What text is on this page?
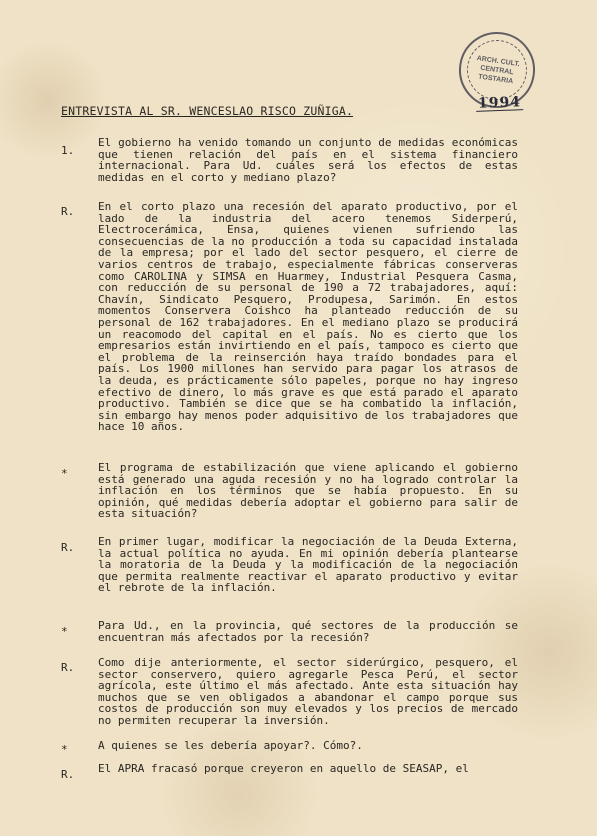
ARCH. CULT.
CENTRAL
TOSTARIA
1994
ENTREVISTA AL SR. WENCESLAO RISCO ZUÑIGA.
1.
El gobierno ha venido tomando un conjunto de medidas económicas que tienen relación del país en el sistema financiero internacional. Para Ud. cuáles será los efectos de estas medidas en el corto y mediano plazo?
R.	En el corto plazo una recesión del aparato productivo, por el lado de la industria del acero tenemos Siderperú, Electrocerámica, Ensa, quienes vienen sufriendo las consecuencias de la no producción a toda su capacidad instalada de la empresa; por el lado del sector pesquero, el cierre de varios centros de trabajo, especialmente fábricas conserveras como CAROLINA y SIMSA en Huarmey, Industrial Pesquera Casma, con reducción de su personal de 190 a 72 trabajadores, aquí: Chavín, Sindicato Pesquero, Produpesa, Sarimón. En estos momentos Conservera Coishco ha planteado reducción de su personal de 162 trabajadores. En el mediano plazo se producirá un reacomodo del capital en el país. No es cierto que los empresarios están invirtiendo en el país, tampoco es cierto que el problema de la reinserción haya traído bondades para el país. Los 1900 millones han servido para pagar los atrasos de la deuda, es prácticamente sólo papeles, porque no hay ingreso efectivo de dinero, lo más grave es que está parado el aparato productivo. También se dice que se ha combatido la inflación, sin embargo hay menos poder adquisitivo de los trabajadores que hace 10 años.
*	El programa de estabilización que viene aplicando el gobierno está generado una aguda recesión y no ha logrado controlar la inflación en los términos que se había propuesto. En su opinión, qué medidas debería adoptar el gobierno para salir de esta situación?
R.	En primer lugar, modificar la negociación de la Deuda Externa, la actual política no ayuda. En mi opinión debería plantearse la moratoria de la Deuda y la modificación de la negociación que permita realmente reactivar el aparato productivo y evitar el rebrote de la inflación.
*	Para Ud., en la provincia, qué sectores de la producción se encuentran más afectados por la recesión?
R.	Como dije anteriormente, el sector siderúrgico, pesquero, el sector conservero, quiero agregarle Pesca Perú, el sector agrícola, este último el más afectado. Ante esta situación hay muchos que se ven obligados a abandonar el campo porque sus costos de producción son muy elevados y los precios de mercado no permiten recuperar la inversión.
*	A quienes se les debería apoyar?. Cómo?.
R.	El APRA fracasó porque creyeron en aquello de SEASAP, el
